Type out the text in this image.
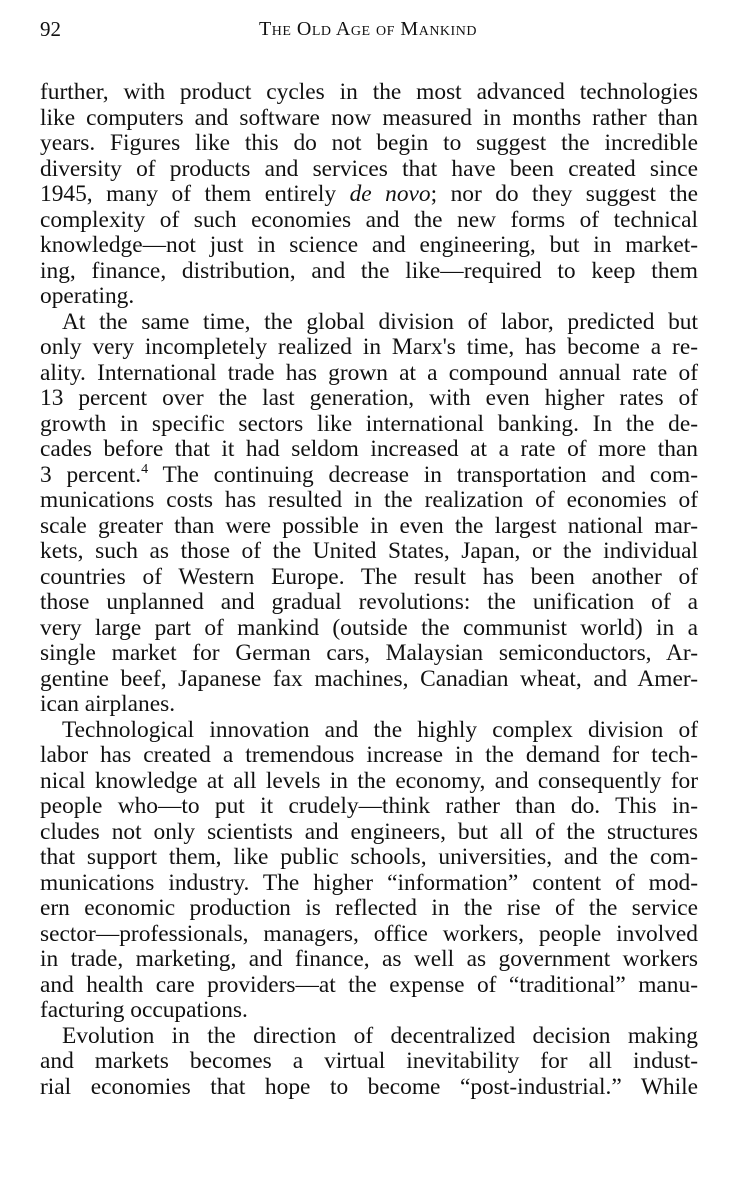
92	The Old Age of Mankind
further, with product cycles in the most advanced technologies
like computers and software now measured in months rather than
years. Figures like this do not begin to suggest the incredible
diversity of products and services that have been created since
1945, many of them entirely de novo; nor do they suggest the
complexity of such economies and the new forms of technical
knowledge—not just in science and engineering, but in market-
ing, finance, distribution, and the like—required to keep them
operating.
At the same time, the global division of labor, predicted but
only very incompletely realized in Marx's time, has become a re-
ality. International trade has grown at a compound annual rate of
13 percent over the last generation, with even higher rates of
growth in specific sectors like international banking. In the de-
cades before that it had seldom increased at a rate of more than
3 percent.$^4$ The continuing decrease in transportation and com-
munications costs has resulted in the realization of economies of
scale greater than were possible in even the largest national mar-
kets, such as those of the United States, Japan, or the individual
countries of Western Europe. The result has been another of
those unplanned and gradual revolutions: the unification of a
very large part of mankind (outside the communist world) in a
single market for German cars, Malaysian semiconductors, Ar-
gentine beef, Japanese fax machines, Canadian wheat, and Amer-
ican airplanes.
Technological innovation and the highly complex division of
labor has created a tremendous increase in the demand for tech-
nical knowledge at all levels in the economy, and consequently for
people who—to put it crudely—think rather than do. This in-
cludes not only scientists and engineers, but all of the structures
that support them, like public schools, universities, and the com-
munications industry. The higher “information” content of mod-
ern economic production is reflected in the rise of the service
sector—professionals, managers, office workers, people involved
in trade, marketing, and finance, as well as government workers
and health care providers—at the expense of “traditional” manu-
facturing occupations.
Evolution in the direction of decentralized decision making
and markets becomes a virtual inevitability for all indust-
rial economies that hope to become “post-industrial.” While
